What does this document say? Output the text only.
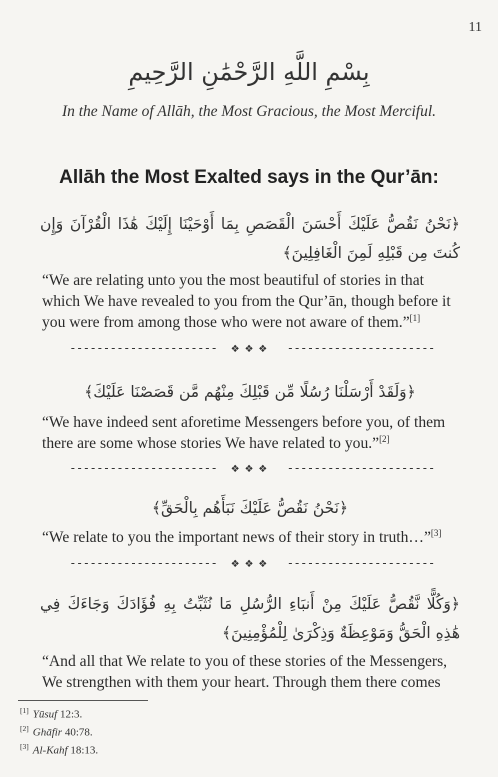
11
بِسْمِ اللَّهِ الرَّحْمَٰنِ الرَّحِيمِ
In the Name of Allāh, the Most Gracious, the Most Merciful.
Allāh the Most Exalted says in the Qur’ān:
﴿نَحْنُ نَقُصُّ عَلَيْكَ أَحْسَنَ الْقَصَصِ بِمَا أَوْحَيْنَا إِلَيْكَ هَٰذَا الْقُرْآنَ وَإِن كُنتَ مِن قَبْلِهِ لَمِنَ الْغَافِلِينَ﴾
“We are relating unto you the most beautiful of stories in that which We have revealed to you from the Qur’ān, though before it you were from among those who were not aware of them.”[1]
---------------------- ❖❖❖ ----------------------
﴿وَلَقَدْ أَرْسَلْنَا رُسُلًا مِّن قَبْلِكَ مِنْهُم مَّن قَصَصْنَا عَلَيْكَ﴾
“We have indeed sent aforetime Messengers before you, of them there are some whose stories We have related to you.”[2]
---------------------- ❖❖❖ ----------------------
﴿نَحْنُ نَقُصُّ عَلَيْكَ نَبَأَهُم بِالْحَقِّ﴾
“We relate to you the important news of their story in truth…”[3]
---------------------- ❖❖❖ ----------------------
﴿وَكُلًّا نَّقُصُّ عَلَيْكَ مِنْ أَنبَاءِ الرُّسُلِ مَا نُثَبِّتُ بِهِ فُؤَادَكَ وَجَاءَكَ فِي هَٰذِهِ الْحَقُّ وَمَوْعِظَةٌ وَذِكْرَىٰ لِلْمُؤْمِنِينَ﴾
“And all that We relate to you of these stories of the Messengers, We strengthen with them your heart. Through them there comes
[1] Yūsuf 12:3.
[2] Ghāfir 40:78.
[3] Al-Kahf 18:13.
